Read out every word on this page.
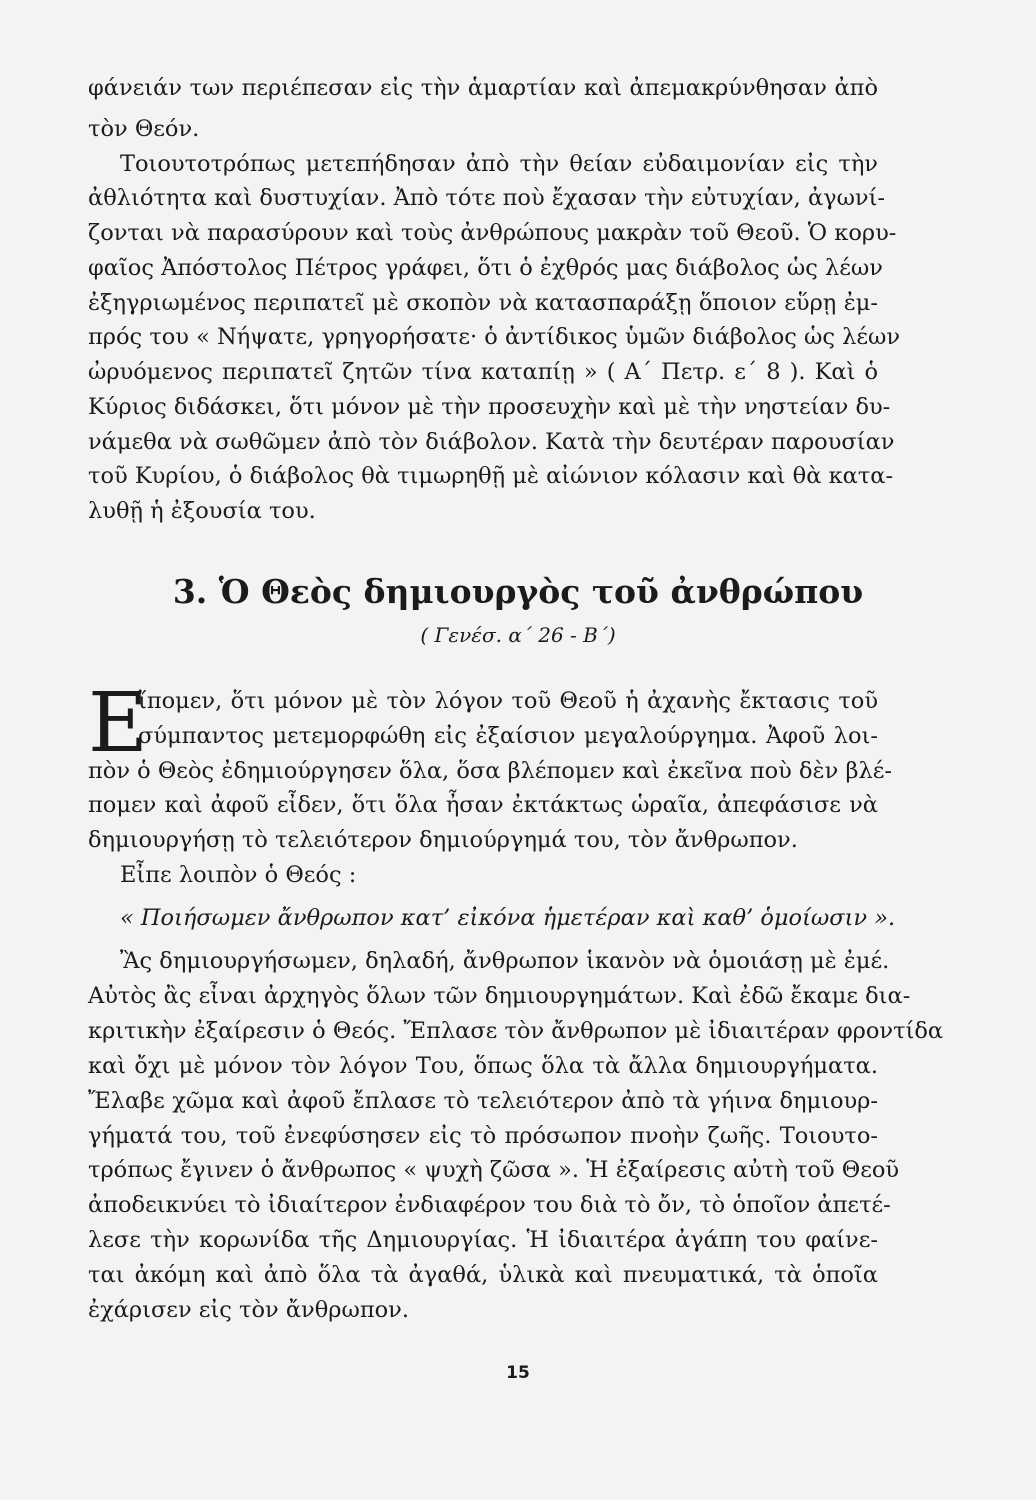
φάνειάν των περιέπεσαν εἰς τὴν ἁμαρτίαν καὶ ἀπεμακρύνθησαν ἀπὸ
τὸν Θεόν.
Τοιουτοτρόπως μετεπήδησαν ἀπὸ τὴν θείαν εὐδαιμονίαν εἰς τὴν
ἀθλιότητα καὶ δυστυχίαν. Ἀπὸ τότε ποὺ ἔχασαν τὴν εὐτυχίαν, ἀγωνί-
ζονται νὰ παρασύρουν καὶ τοὺς ἀνθρώπους μακρὰν τοῦ Θεοῦ. Ὁ κορυ-
φαῖος Ἀπόστολος Πέτρος γράφει, ὅτι ὁ ἐχθρός μας διάβολος ὡς λέων
ἐξηγριωμένος περιπατεῖ μὲ σκοπὸν νὰ κατασπαράξῃ ὅποιον εὕρῃ ἐμ-
πρός του « Νήψατε, γρηγορήσατε· ὁ ἀντίδικος ὑμῶν διάβολος ὡς λέων
ὠρυόμενος περιπατεῖ ζητῶν τίνα καταπίῃ » ( Α΄ Πετρ. ε΄ 8 ). Καὶ ὁ
Κύριος διδάσκει, ὅτι μόνον μὲ τὴν προσευχὴν καὶ μὲ τὴν νηστείαν δυ-
νάμεθα νὰ σωθῶμεν ἀπὸ τὸν διάβολον. Κατὰ τὴν δευτέραν παρουσίαν
τοῦ Κυρίου, ὁ διάβολος θὰ τιμωρηθῇ μὲ αἰώνιον κόλασιν καὶ θὰ κατα-
λυθῇ ἡ ἐξουσία του.
3. Ὁ Θεὸς δημιουργὸς τοῦ ἀνθρώπου
( Γενέσ. α΄ 26 - Β΄)
Ε
ἴπομεν, ὅτι μόνον μὲ τὸν λόγον τοῦ Θεοῦ ἡ ἀχανὴς ἔκτασις τοῦ
σύμπαντος μετεμορφώθη εἰς ἐξαίσιον μεγαλούργημα. Ἀφοῦ λοι-
πὸν ὁ Θεὸς ἐδημιούργησεν ὅλα, ὅσα βλέπομεν καὶ ἐκεῖνα ποὺ δὲν βλέ-
πομεν καὶ ἀφοῦ εἶδεν, ὅτι ὅλα ἦσαν ἐκτάκτως ὡραῖα, ἀπεφάσισε νὰ
δημιουργήσῃ τὸ τελειότερον δημιούργημά του, τὸν ἄνθρωπον.
Εἶπε λοιπὸν ὁ Θεός :
« Ποιήσωμεν ἄνθρωπον κατ’ εἰκόνα ἡμετέραν καὶ καθ’ ὁμοίωσιν ».
Ἂς δημιουργήσωμεν, δηλαδή, ἄνθρωπον ἱκανὸν νὰ ὁμοιάσῃ μὲ ἐμέ.
Αὐτὸς ἂς εἶναι ἀρχηγὸς ὅλων τῶν δημιουργημάτων. Καὶ ἐδῶ ἔκαμε δια-
κριτικὴν ἐξαίρεσιν ὁ Θεός. Ἔπλασε τὸν ἄνθρωπον μὲ ἰδιαιτέραν φροντίδα
καὶ ὄχι μὲ μόνον τὸν λόγον Του, ὅπως ὅλα τὰ ἄλλα δημιουργήματα.
Ἔλαβε χῶμα καὶ ἀφοῦ ἔπλασε τὸ τελειότερον ἀπὸ τὰ γήινα δημιουρ-
γήματά του, τοῦ ἐνεφύσησεν εἰς τὸ πρόσωπον πνοὴν ζωῆς. Τοιουτο-
τρόπως ἔγινεν ὁ ἄνθρωπος « ψυχὴ ζῶσα ». Ἡ ἐξαίρεσις αὐτὴ τοῦ Θεοῦ
ἀποδεικνύει τὸ ἰδιαίτερον ἐνδιαφέρον του διὰ τὸ ὄν, τὸ ὁποῖον ἀπετέ-
λεσε τὴν κορωνίδα τῆς Δημιουργίας. Ἡ ἰδιαιτέρα ἀγάπη του φαίνε-
ται ἀκόμη καὶ ἀπὸ ὅλα τὰ ἀγαθά, ὑλικὰ καὶ πνευματικά, τὰ ὁποῖα
ἐχάρισεν εἰς τὸν ἄνθρωπον.
15
